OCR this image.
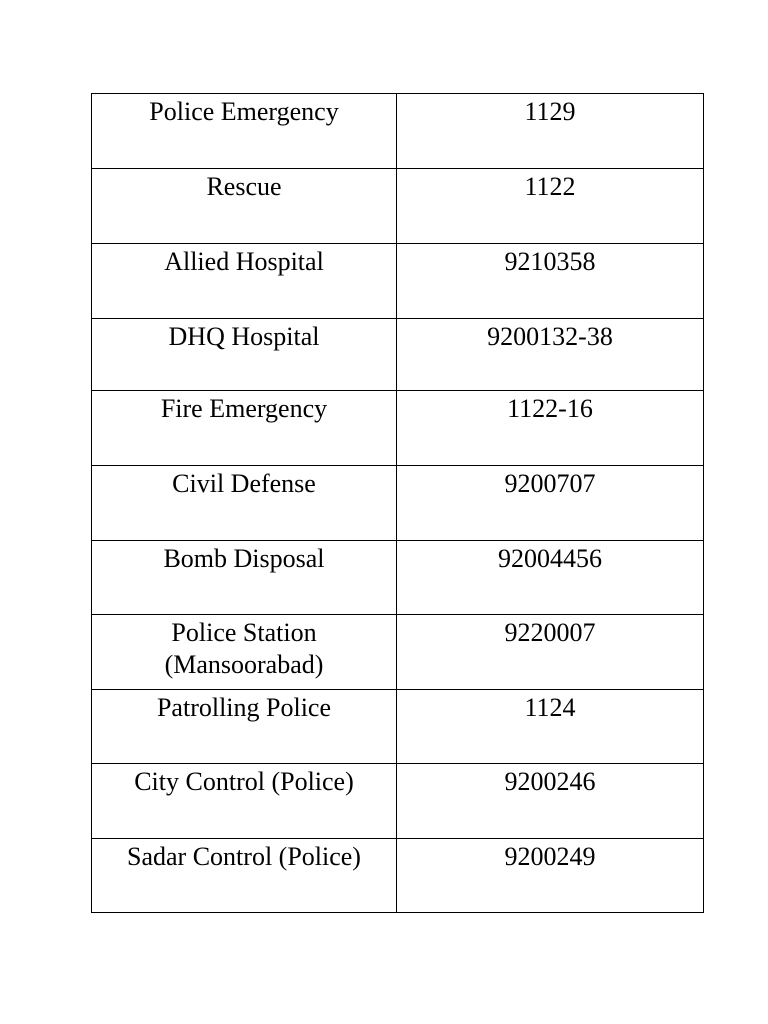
Police Emergency	1129
Rescue	1122
Allied Hospital	9210358
DHQ Hospital	9200132-38
Fire Emergency	1122-16
Civil Defense	9200707
Bomb Disposal	92004456
Police Station (Mansoorabad)	9220007
Patrolling Police	1124
City Control (Police)	9200246
Sadar Control (Police)	9200249
